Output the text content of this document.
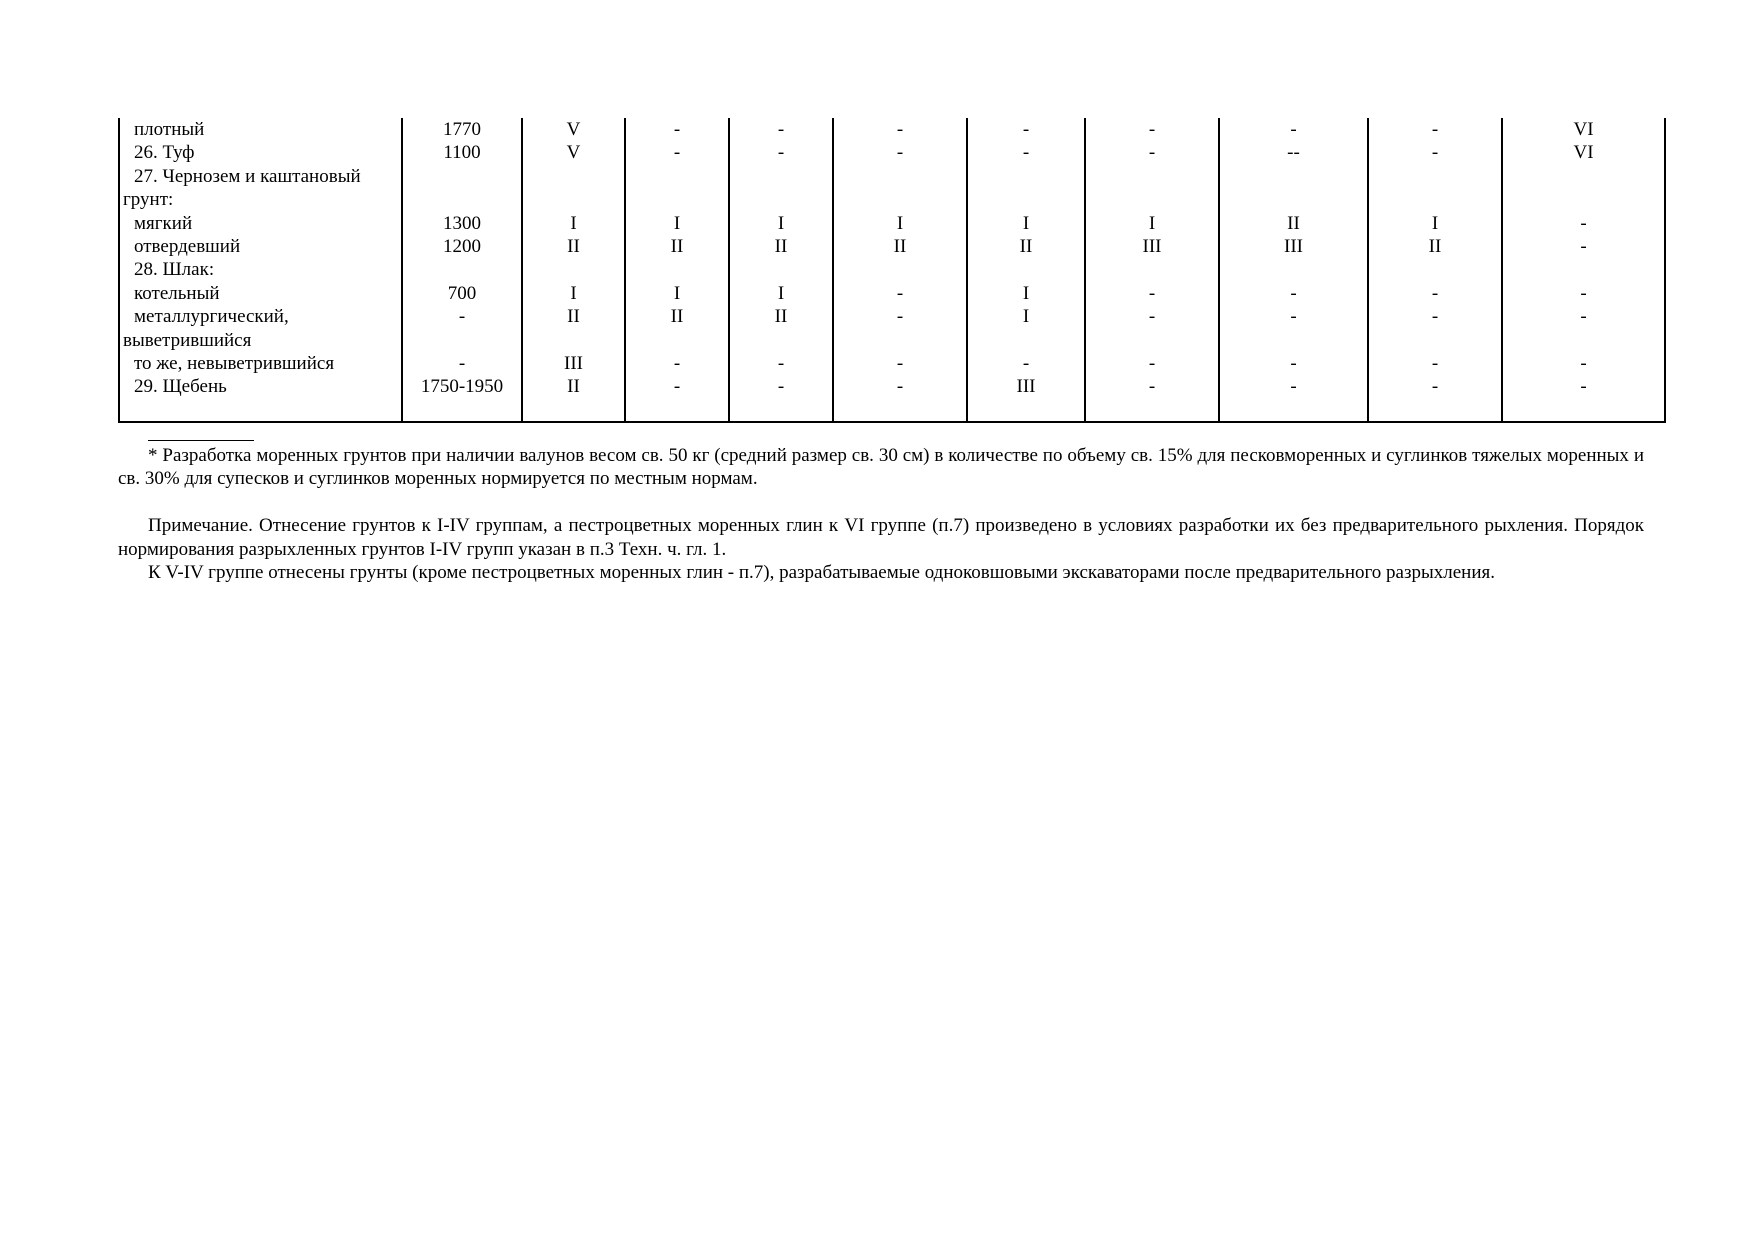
плотный	1770	V	-	-	-	-	-	-	-	VI
26. Туф	1100	V	-	-	-	-	-	--	-	VI

27. Чернозем и каштановый
грунт:										

мягкий	1300	I	I	I	I	I	I	II	I	-
отвердевший	1200	II	II	II	II	II	III	III	II	-
28. Шлак:										
котельный	700	I	I	I	-	I	-	-	-	-

металлургический,
выветрившийся	-	II	II	II	-	I	-	-	-	-
то же, невыветрившийся	-	III	-	-	-	-	-	-	-	-
29. Щебень	1750-1950	II	-	-	-	III	-	-	-	-

* Разработка моренных грунтов при наличии валунов весом св. 50 кг (средний размер св. 30 см) в количестве по объему св. 15% для песковморенных и суглинков тяжелых моренных и св. 30% для супесков и суглинков моренных нормируется по местным нормам.

Примечание. Отнесение грунтов к I-IV группам, а пестроцветных моренных глин к VI группе (п.7) произведено в условиях разработки их без предварительного рыхления. Порядок нормирования разрыхленных грунтов I-IV групп указан в п.3 Техн. ч. гл. 1.

К V-IV группе отнесены грунты (кроме пестроцветных моренных глин - п.7), разрабатываемые одноковшовыми экскаваторами после предварительного разрыхления.
